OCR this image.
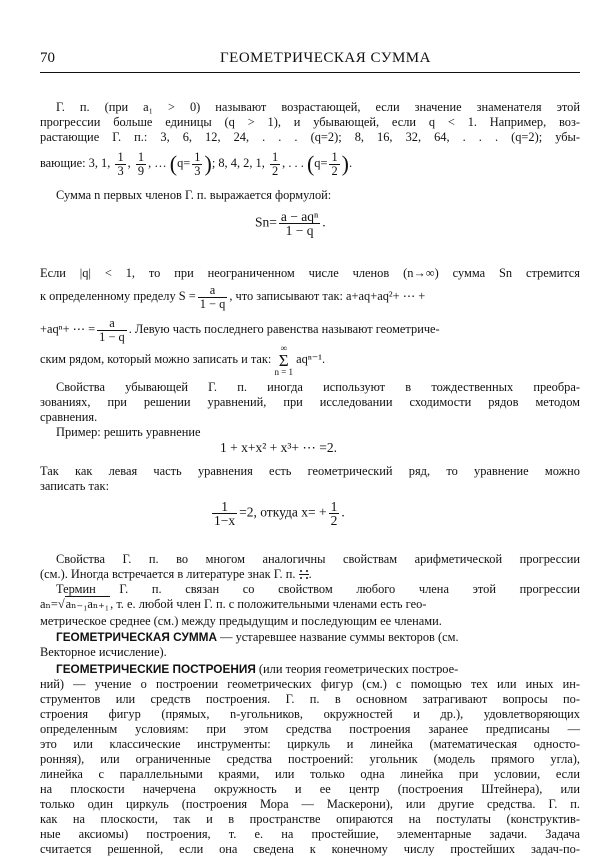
70	ГЕОМЕТРИЧЕСКАЯ СУММА
Г. п. (при a₁ > 0) называют возрастающей, если значение знаменателя этой
прогрессии больше единицы (q > 1), и убывающей, если q < 1. Например, воз-
растающие Г. п.: 3, 6, 12, 24, . . . (q=2); 8, 16, 32, 64, . . . (q=2); убы-
вающие: 3, 1, $\frac{1}{3}$ , $\frac{1}{9}$ , … ($q= \frac{1}{3}$ ); 8, 4, 2, 1, $\frac{1}{2}$ , . . . ($q= \frac{1}{2}$ ).
Сумма n первых членов Г. п. выражается формулой:
$Sn= \frac{\text{a − aqⁿ}}{1 - q}$ .
Если |q| < 1, то при неограниченном числе членов (n→∞) сумма Sn стремится
к определенному пределу $S = \frac{a}{1 - q}$ , что записывают так: a+aq+aq²+ ⋯ +
+aqⁿ+ ⋯ = $\frac{a}{1 - q}$ . Левую часть последнего равенства называют геометриче-
ским рядом, который можно записать и так:
∞
Σ
n = 1
aqⁿ⁻¹.
Свойства убывающей Г. п. иногда используют в тождественных преобра-
зованиях, при решении уравнений, при исследовании сходимости рядов методом
сравнения.
Пример: решить уравнение
1 + x+x² + x³+ ⋯ =2.
Так как левая часть уравнения есть геометрический ряд, то уравнение можно
записать так:
$\frac{1}{1-x} =2$, откуда $x= + \frac{1}{2}$ .
Свойства Г. п. во многом аналогичны свойствам арифметической прогрессии
(см.). Иногда встречается в литературе знак Г. п. .
Термин Г. п. связан со свойством любого члена этой прогрессии
aₙ=√aₙ₋₁aₙ₊₁, т. е. любой член Г. п. с положительными членами есть гео-
метрическое среднее (см.) между предыдущим и последующим ее членами.
ГЕОМЕТРИЧЕСКАЯ СУММА — устаревшее название суммы векторов (см.
Векторное исчисление).
ГЕОМЕТРИЧЕСКИЕ ПОСТРОЕНИЯ (или теория геометрических построе-
ний) — учение о построении геометрических фигур (см.) с помощью тех или иных ин-
струментов или средств построения. Г. п. в основном затрагивают вопросы по-
строения фигур (прямых, n-угольников, окружностей и др.), удовлетворяющих
определенным условиям: при этом средства построения заранее предписаны —
это или классические инструменты: циркуль и линейка (математическая односто-
ронняя), или ограниченные средства построений: угольник (модель прямого угла),
линейка с параллельными краями, или только одна линейка при условии, если
на плоскости начерчена окружность и ее центр (построения Штейнера), или
только один циркуль (построения Мора — Маскерони), или другие средства. Г. п.
как на плоскости, так и в пространстве опираются на постулаты (конструктив-
ные аксиомы) построения, т. е. на простейшие, элементарные задачи. Задача
считается решенной, если она сведена к конечному числу простейших задач-по-
